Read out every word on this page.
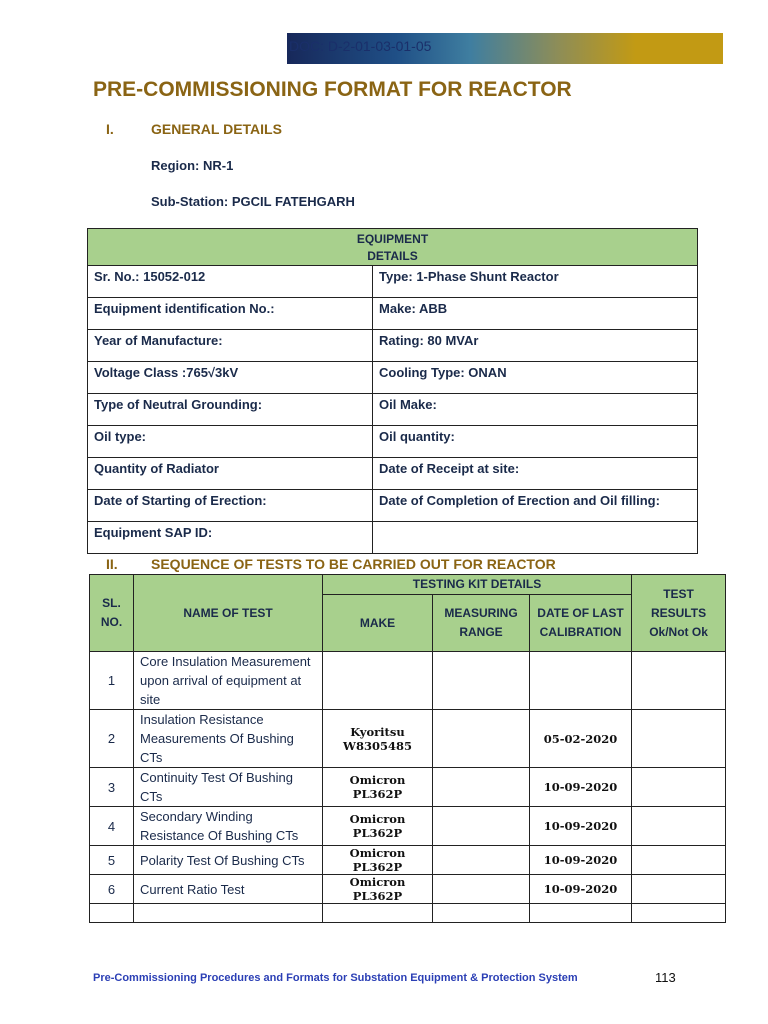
DOC: D-2-01-03-01-05
PRE-COMMISSIONING FORMAT FOR REACTOR
I.	GENERAL DETAILS
Region: NR-1
Sub-Station: PGCIL FATEHGARH
EQUIPMENT
DETAILS	
Sr. No.: 15052-012	Type: 1-Phase Shunt Reactor
Equipment identification No.:	Make: ABB
Year of Manufacture:	Rating: 80 MVAr
Voltage Class :765√3kV	Cooling Type: ONAN
Type of Neutral Grounding:	Oil Make:
Oil type:	Oil quantity:
Quantity of Radiator	Date of Receipt at site:
Date of Starting of Erection:	Date of Completion of Erection and Oil filling:
Equipment SAP ID:	
II. SEQUENCE OF TESTS TO BE CARRIED OUT FOR REACTOR
SL. NO.	NAME OF TEST	TESTING KIT DETAILS			TEST RESULTS Ok/Not Ok
		MAKE	MEASURING RANGE	DATE OF LAST CALIBRATION	
1	Core Insulation Measurement upon arrival of equipment at site				
2	Insulation Resistance Measurements Of Bushing CTs	Kyoritsu W8305485		05-02-2020	
3	Continuity Test Of Bushing CTs	Omicron PL362P		10-09-2020	
4	Secondary Winding Resistance Of Bushing CTs	Omicron PL362P		10-09-2020	
5	Polarity Test Of Bushing CTs	Omicron PL362P		10-09-2020	
6	Current Ratio Test	Omicron PL362P		10-09-2020	

Pre-Commissioning Procedures and Formats for Substation Equipment & Protection System	113
